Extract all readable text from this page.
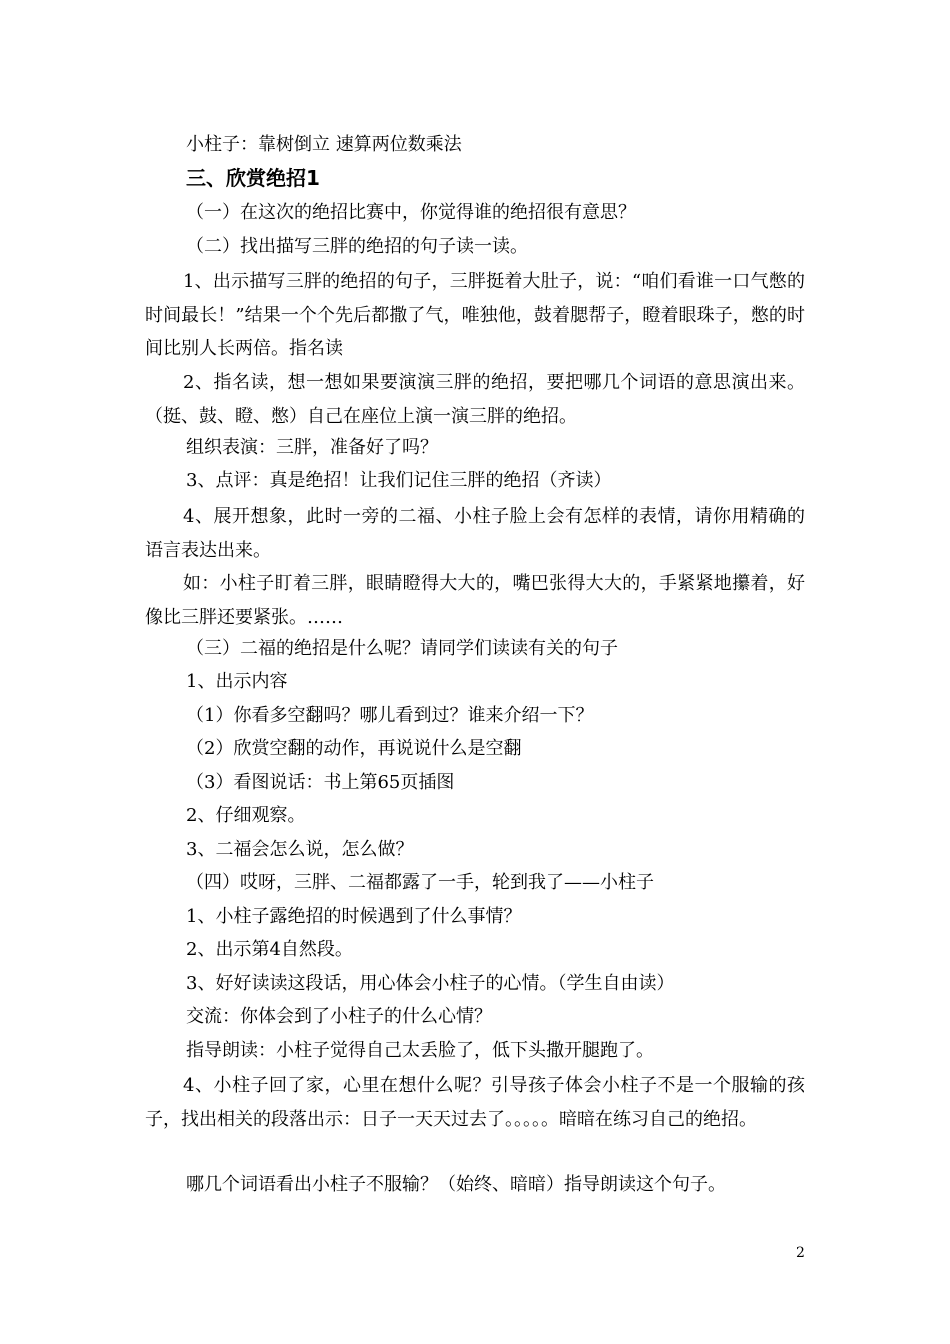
小柱子：靠树倒立 速算两位数乘法
三、欣赏绝招1
（一）在这次的绝招比赛中，你觉得谁的绝招很有意思？
（二）找出描写三胖的绝招的句子读一读。
1、出示描写三胖的绝招的句子，三胖挺着大肚子，说：“咱们看谁一口气憋的时间最长！”结果一个个先后都撒了气，唯独他，鼓着腮帮子，瞪着眼珠子，憋的时间比别人长两倍。指名读
2、指名读，想一想如果要演演三胖的绝招，要把哪几个词语的意思演出来。（挺、鼓、瞪、憋）自己在座位上演一演三胖的绝招。
组织表演：三胖，准备好了吗？
3、点评：真是绝招！让我们记住三胖的绝招（齐读）
4、展开想象，此时一旁的二福、小柱子脸上会有怎样的表情，请你用精确的语言表达出来。
如：小柱子盯着三胖，眼睛瞪得大大的，嘴巴张得大大的，手紧紧地攥着，好像比三胖还要紧张。……
（三）二福的绝招是什么呢？请同学们读读有关的句子
1、出示内容
（1）你看多空翻吗？哪儿看到过？谁来介绍一下？
（2）欣赏空翻的动作，再说说什么是空翻
（3）看图说话：书上第65页插图
2、仔细观察。
3、二福会怎么说，怎么做？
（四）哎呀，三胖、二福都露了一手，轮到我了——小柱子
1、小柱子露绝招的时候遇到了什么事情？
2、出示第4自然段。
3、好好读读这段话，用心体会小柱子的心情。（学生自由读）
交流：你体会到了小柱子的什么心情？
指导朗读：小柱子觉得自己太丢脸了，低下头撒开腿跑了。
4、小柱子回了家，心里在想什么呢？引导孩子体会小柱子不是一个服输的孩子，找出相关的段落出示：日子一天天过去了。。。。。暗暗在练习自己的绝招。
哪几个词语看出小柱子不服输？（始终、暗暗）指导朗读这个句子。
2
